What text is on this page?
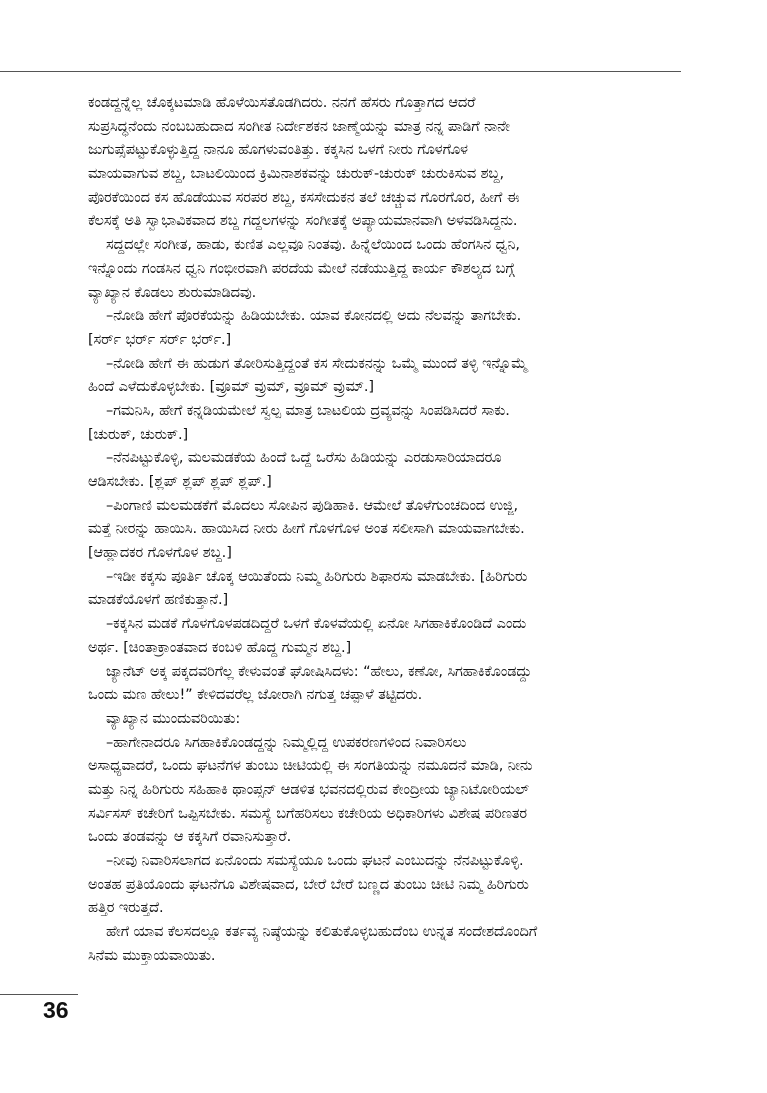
ಕಂಡದ್ದನ್ನೆಲ್ಲ ಚೊಕ್ಕಟಮಾಡಿ ಹೊಳೆಯಿಸತೊಡಗಿದರು. ನನಗೆ ಹೆಸರು ಗೊತ್ತಾಗದ ಆದರೆ
ಸುಪ್ರಸಿದ್ಧನೆಂದು ನಂಬಬಹುದಾದ ಸಂಗೀತ ನಿರ್ದೇಶಕನ ಜಾಣ್ಮೆಯನ್ನು ಮಾತ್ರ ನನ್ನ ಪಾಡಿಗೆ ನಾನೇ
ಜುಗುಪ್ಸೆಪಟ್ಟುಕೊಳ್ಳುತ್ತಿದ್ದ ನಾನೂ ಹೊಗಳುವಂತಿತ್ತು. ಕಕ್ಕಸಿನ ಒಳಗೆ ನೀರು ಗೊಳಗೊಳ
ಮಾಯವಾಗುವ ಶಬ್ದ, ಬಾಟಲಿಯಿಂದ ಕ್ರಿಮಿನಾಶಕವನ್ನು ಚುರುಕ್-ಚುರುಕ್ ಚುರುಕಿಸುವ ಶಬ್ದ,
ಪೊರಕೆಯಿಂದ ಕಸ ಹೊಡೆಯುವ ಸರಪರ ಶಬ್ದ, ಕಸಸೇದುಕನ ತಲೆ ಚಚ್ಚುವ ಗೊರಗೊರ, ಹೀಗೆ ಈ
ಕೆಲಸಕ್ಕೆ ಅತಿ ಸ್ವಾಭಾವಿಕವಾದ ಶಬ್ದ ಗದ್ದಲಗಳನ್ನು ಸಂಗೀತಕ್ಕೆ ಅಪ್ಯಾಯಮಾನವಾಗಿ ಅಳವಡಿಸಿದ್ದನು.
ಸದ್ದದಲ್ಲೇ ಸಂಗೀತ, ಹಾಡು, ಕುಣಿತ ಎಲ್ಲವೂ ನಿಂತವು. ಹಿನ್ನೆಲೆಯಿಂದ ಒಂದು ಹೆಂಗಸಿನ ಧ್ವನಿ,
ಇನ್ನೊಂದು ಗಂಡಸಿನ ಧ್ವನಿ ಗಂಭೀರವಾಗಿ ಪರದೆಯ ಮೇಲೆ ನಡೆಯುತ್ತಿದ್ದ ಕಾರ್ಯ ಕೌಶಲ್ಯದ ಬಗ್ಗೆ
ವ್ಯಾಖ್ಯಾನ ಕೊಡಲು ಶುರುಮಾಡಿದವು.
–ನೋಡಿ ಹೇಗೆ ಪೊರಕೆಯನ್ನು ಹಿಡಿಯಬೇಕು. ಯಾವ ಕೋನದಲ್ಲಿ ಅದು ನೆಲವನ್ನು ತಾಗಬೇಕು.
[ಸರ್ರ್ ಭರ್ರ್ ಸರ್ರ್ ಭರ್ರ್.]
–ನೋಡಿ ಹೇಗೆ ಈ ಹುಡುಗ ತೋರಿಸುತ್ತಿದ್ದಂತೆ ಕಸ ಸೇದುಕನನ್ನು ಒಮ್ಮೆ ಮುಂದೆ ತಳ್ಳಿ ಇನ್ನೊಮ್ಮೆ
ಹಿಂದೆ ಎಳೆದುಕೊಳ್ಳಬೇಕು. [ವ್ರೂಮ್ ವ್ರುಮ್, ವ್ರೂಮ್ ವ್ರುಮ್.]
–ಗಮನಿಸಿ, ಹೇಗೆ ಕನ್ನಡಿಯಮೇಲೆ ಸ್ವಲ್ಪ ಮಾತ್ರ ಬಾಟಲಿಯ ದ್ರವ್ಯವನ್ನು ಸಿಂಪಡಿಸಿದರೆ ಸಾಕು.
[ಚುರುಕ್, ಚುರುಕ್.]
–ನೆನಪಿಟ್ಟುಕೊಳ್ಳಿ, ಮಲಮಡಕೆಯ ಹಿಂದೆ ಒದ್ದೆ ಒರೆಸು ಹಿಡಿಯನ್ನು ಎರಡುಸಾರಿಯಾದರೂ
ಆಡಿಸಬೇಕು. [ಶ್ಲಪ್ ಶ್ಲಪ್ ಶ್ಲಪ್ ಶ್ಲಪ್.]
–ಪಿಂಗಾಣಿ ಮಲಮಡಕೆಗೆ ಮೊದಲು ಸೋಪಿನ ಪುಡಿಹಾಕಿ. ಆಮೇಲೆ ತೊಳೆಗುಂಚದಿಂದ ಉಜ್ಜಿ,
ಮತ್ತೆ ನೀರನ್ನು ಹಾಯಿಸಿ. ಹಾಯಿಸಿದ ನೀರು ಹೀಗೆ ಗೊಳಗೊಳ ಅಂತ ಸಲೀಸಾಗಿ ಮಾಯವಾಗಬೇಕು.
[ಆಹ್ಲಾದಕರ ಗೊಳಗೊಳ ಶಬ್ದ.]
–ಇಡೀ ಕಕ್ಕಸು ಪೂರ್ತಿ ಚೊಕ್ಕ ಆಯಿತೆಂದು ನಿಮ್ಮ ಹಿರಿಗುರು ಶಿಫಾರಸು ಮಾಡಬೇಕು. [ಹಿರಿಗುರು
ಮಾಡಕೆಯೊಳಗೆ ಹಣಿಕುತ್ತಾನೆ.]
–ಕಕ್ಕಸಿನ ಮಡಕೆ ಗೊಳಗೊಳಪಡದಿದ್ದರೆ ಒಳಗೆ ಕೊಳವೆಯಲ್ಲಿ ಏನೋ ಸಿಗಹಾಕಿಕೊಂಡಿದೆ ಎಂದು
ಅರ್ಥ. [ಚಿಂತಾಕ್ರಾಂತವಾದ ಕಂಬಳಿ ಹೊದ್ದ ಗುಮ್ಮನ ಶಬ್ದ.]
ಜ್ಯಾನೆಟ್ ಅಕ್ಕ ಪಕ್ಕದವರಿಗೆಲ್ಲ ಕೇಳುವಂತೆ ಘೋಷಿಸಿದಳು: “ಹೇಲು, ಕಣೋ, ಸಿಗಹಾಕಿಕೊಂಡದ್ದು
ಒಂದು ಮಣ ಹೇಲು!” ಕೇಳಿದವರೆಲ್ಲ ಜೋರಾಗಿ ನಗುತ್ತ ಚಪ್ಪಾಳೆ ತಟ್ಟಿದರು.
ವ್ಯಾಖ್ಯಾನ ಮುಂದುವರಿಯಿತು:
–ಹಾಗೇನಾದರೂ ಸಿಗಹಾಕಿಕೊಂಡದ್ದನ್ನು ನಿಮ್ಮಲ್ಲಿದ್ದ ಉಪಕರಣಗಳಿಂದ ನಿವಾರಿಸಲು
ಅಸಾಧ್ಯವಾದರೆ, ಒಂದು ಘಟನೆಗಳ ತುಂಬು ಚೀಟಿಯಲ್ಲಿ ಈ ಸಂಗತಿಯನ್ನು ನಮೂದನೆ ಮಾಡಿ, ನೀನು
ಮತ್ತು ನಿನ್ನ ಹಿರಿಗುರು ಸಹಿಹಾಕಿ ಥಾಂಪ್ಸನ್ ಆಡಳಿತ ಭವನದಲ್ಲಿರುವ ಕೇಂದ್ರೀಯ ಜ್ಯಾನಿಟೋರಿಯಲ್
ಸರ್ವಿಸಸ್ ಕಚೇರಿಗೆ ಒಪ್ಪಿಸಬೇಕು. ಸಮಸ್ಯೆ ಬಗೆಹರಿಸಲು ಕಚೇರಿಯ ಅಧಿಕಾರಿಗಳು ವಿಶೇಷ ಪರಿಣತರ
ಒಂದು ತಂಡವನ್ನು ಆ ಕಕ್ಕಸಿಗೆ ರವಾನಿಸುತ್ತಾರೆ.
–ನೀವು ನಿವಾರಿಸಲಾಗದ ಏನೊಂದು ಸಮಸ್ಯೆಯೂ ಒಂದು ಘಟನೆ ಎಂಬುದನ್ನು ನೆನಪಿಟ್ಟುಕೊಳ್ಳಿ.
ಅಂತಹ ಪ್ರತಿಯೊಂದು ಘಟನೆಗೂ ವಿಶೇಷವಾದ, ಬೇರೆ ಬೇರೆ ಬಣ್ಣದ ತುಂಬು ಚೀಟಿ ನಿಮ್ಮ ಹಿರಿಗುರು
ಹತ್ತಿರ ಇರುತ್ತದೆ.
ಹೇಗೆ ಯಾವ ಕೆಲಸದಲ್ಲೂ ಕರ್ತವ್ಯ ನಿಷ್ಠೆಯನ್ನು ಕಲಿತುಕೊಳ್ಳಬಹುದೆಂಬ ಉನ್ನತ ಸಂದೇಶದೊಂದಿಗೆ
ಸಿನೆಮ ಮುಕ್ತಾಯವಾಯಿತು.
36
